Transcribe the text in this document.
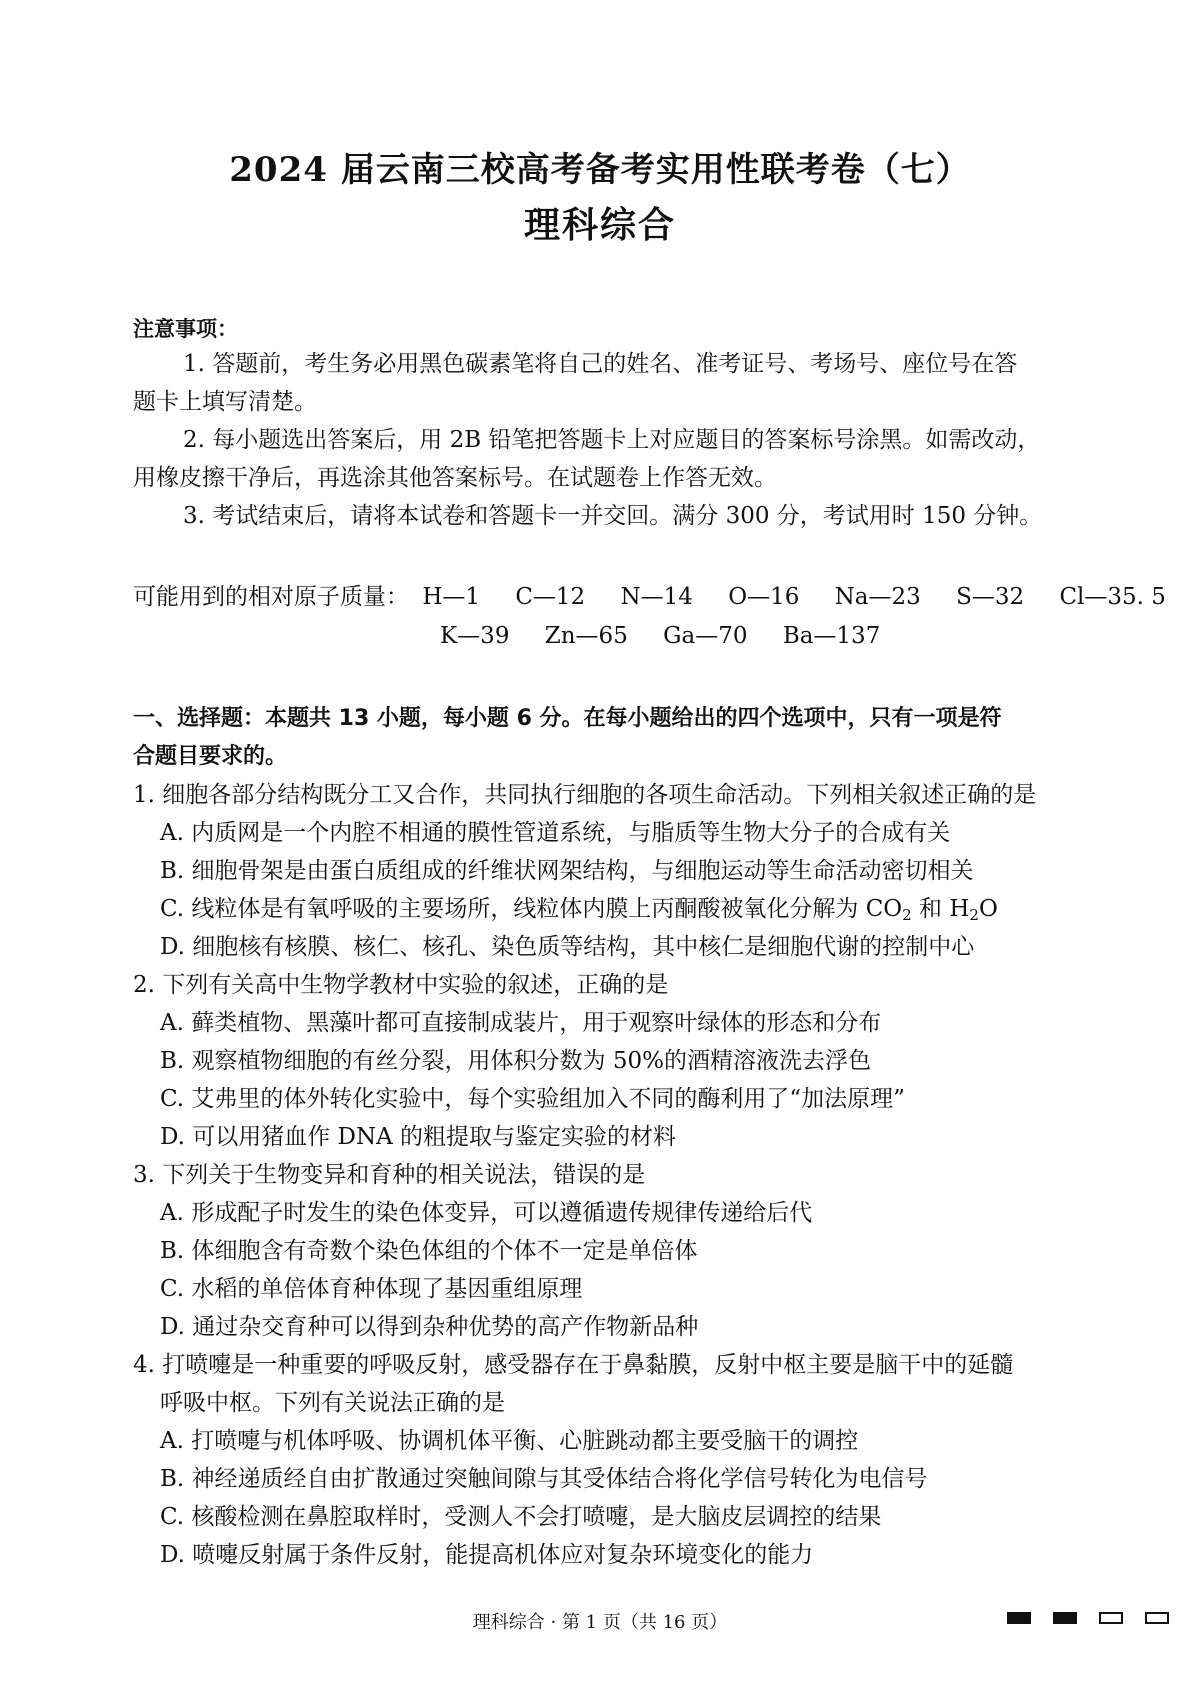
2024 届云南三校高考备考实用性联考卷（七）
理科综合
注意事项：
1. 答题前，考生务必用黑色碳素笔将自己的姓名、准考证号、考场号、座位号在答
题卡上填写清楚。
2. 每小题选出答案后，用 2B 铅笔把答题卡上对应题目的答案标号涂黑。如需改动，
用橡皮擦干净后，再选涂其他答案标号。在试题卷上作答无效。
3. 考试结束后，请将本试卷和答题卡一并交回。满分 300 分，考试用时 150 分钟。
可能用到的相对原子质量： H—1 C—12 N—14 O—16 Na—23 S—32 Cl—35. 5
K—39 Zn—65 Ga—70 Ba—137
一、选择题：本题共 13 小题，每小题 6 分。在每小题给出的四个选项中，只有一项是符
合题目要求的。
1. 细胞各部分结构既分工又合作，共同执行细胞的各项生命活动。下列相关叙述正确的是
A. 内质网是一个内腔不相通的膜性管道系统，与脂质等生物大分子的合成有关
B. 细胞骨架是由蛋白质组成的纤维状网架结构，与细胞运动等生命活动密切相关
C. 线粒体是有氧呼吸的主要场所，线粒体内膜上丙酮酸被氧化分解为 $CO_2$ 和 $H_2O$
D. 细胞核有核膜、核仁、核孔、染色质等结构，其中核仁是细胞代谢的控制中心
2. 下列有关高中生物学教材中实验的叙述，正确的是
A. 藓类植物、黑藻叶都可直接制成装片，用于观察叶绿体的形态和分布
B. 观察植物细胞的有丝分裂，用体积分数为 50%的酒精溶液洗去浮色
C. 艾弗里的体外转化实验中，每个实验组加入不同的酶利用了“加法原理”
D. 可以用猪血作 DNA 的粗提取与鉴定实验的材料
3. 下列关于生物变异和育种的相关说法，错误的是
A. 形成配子时发生的染色体变异，可以遵循遗传规律传递给后代
B. 体细胞含有奇数个染色体组的个体不一定是单倍体
C. 水稻的单倍体育种体现了基因重组原理
D. 通过杂交育种可以得到杂种优势的高产作物新品种
4. 打喷嚏是一种重要的呼吸反射，感受器存在于鼻黏膜，反射中枢主要是脑干中的延髓
呼吸中枢。下列有关说法正确的是
A. 打喷嚏与机体呼吸、协调机体平衡、心脏跳动都主要受脑干的调控
B. 神经递质经自由扩散通过突触间隙与其受体结合将化学信号转化为电信号
C. 核酸检测在鼻腔取样时，受测人不会打喷嚏，是大脑皮层调控的结果
D. 喷嚏反射属于条件反射，能提高机体应对复杂环境变化的能力
理科综合 · 第 1 页（共 16 页）
